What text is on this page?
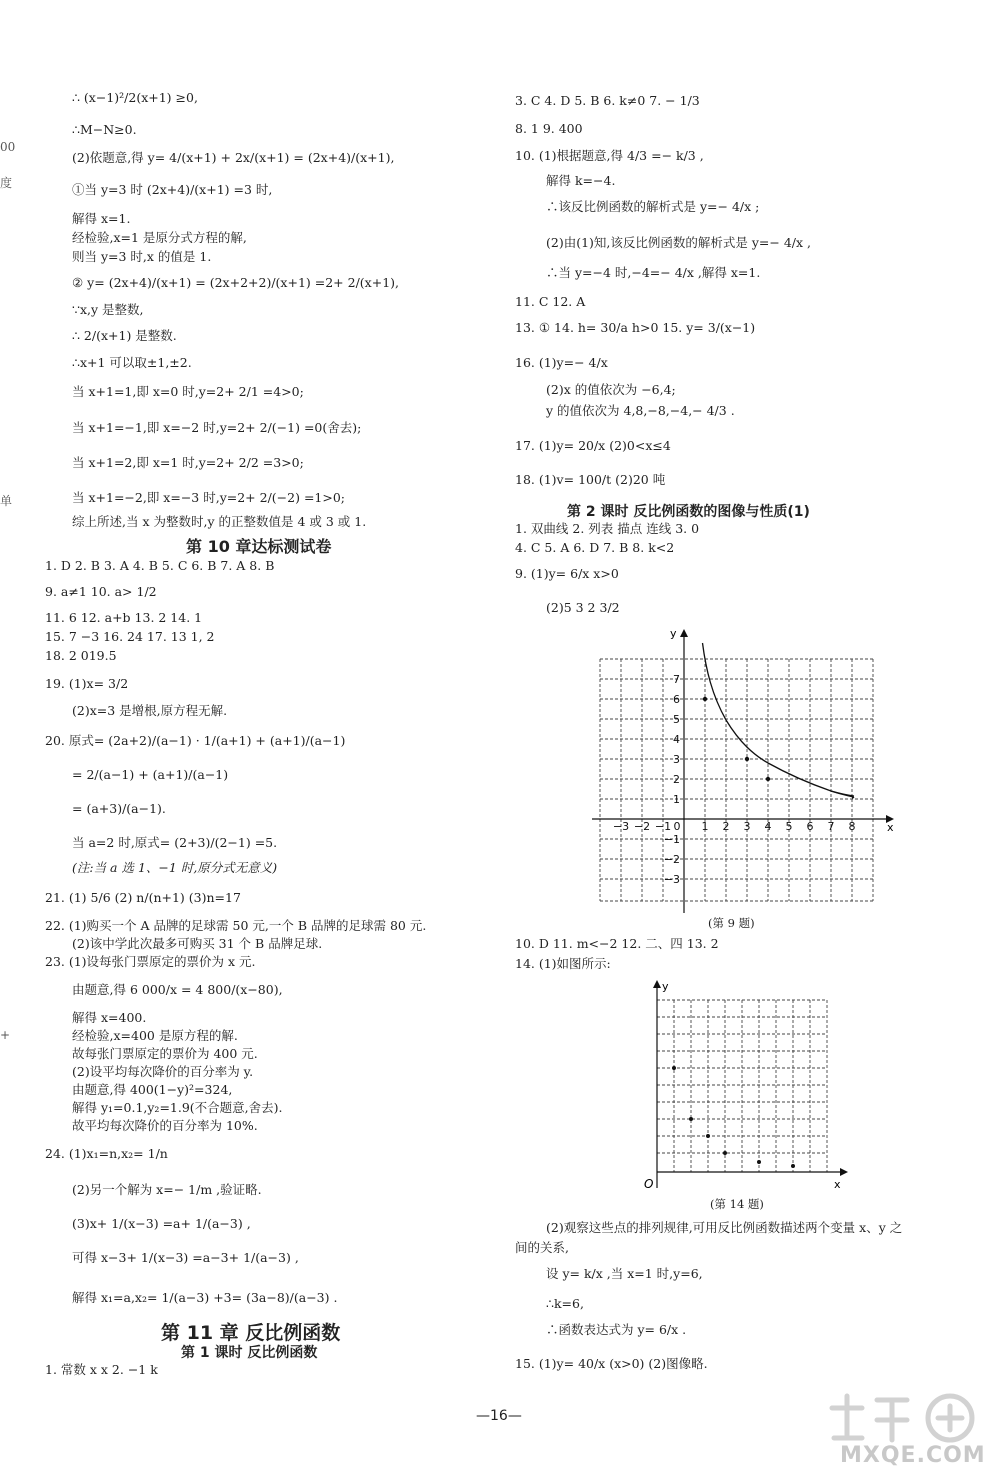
00
度
单
+
∴ (x−1)²/2(x+1) ≥0,
∴M−N≥0.
(2)依题意,得 y= 4/(x+1) + 2x/(x+1) = (2x+4)/(x+1),
①当 y=3 时 (2x+4)/(x+1) =3 时,
解得 x=1.
经检验,x=1 是原分式方程的解,
则当 y=3 时,x 的值是 1.
② y= (2x+4)/(x+1) = (2x+2+2)/(x+1) =2+ 2/(x+1),
∵x,y 是整数,
∴ 2/(x+1) 是整数.
∴x+1 可以取±1,±2.
当 x+1=1,即 x=0 时,y=2+ 2/1 =4>0;
当 x+1=−1,即 x=−2 时,y=2+ 2/(−1) =0(舍去);
当 x+1=2,即 x=1 时,y=2+ 2/2 =3>0;
当 x+1=−2,即 x=−3 时,y=2+ 2/(−2) =1>0;
综上所述,当 x 为整数时,y 的正整数值是 4 或 3 或 1.
第 10 章达标测试卷
1. D 2. B 3. A 4. B 5. C 6. B 7. A 8. B
9. a≠1 10. a> 1/2
11. 6 12. a+b 13. 2 14. 1
15. 7 −3 16. 24 17. 13 1, 2
18. 2 019.5
19. (1)x= 3/2
(2)x=3 是增根,原方程无解.
20. 原式= (2a+2)/(a−1) · 1/(a+1) + (a+1)/(a−1)
= 2/(a−1) + (a+1)/(a−1)
= (a+3)/(a−1).
当 a=2 时,原式= (2+3)/(2−1) =5.
(注:当 a 选 1、−1 时,原分式无意义)
21. (1) 5/6 (2) n/(n+1) (3)n=17
22. (1)购买一个 A 品牌的足球需 50 元,一个 B 品牌的足球需 80 元.
(2)该中学此次最多可购买 31 个 B 品牌足球.
23. (1)设每张门票原定的票价为 x 元.
由题意,得 6 000/x = 4 800/(x−80),
解得 x=400.
经检验,x=400 是原方程的解.
故每张门票原定的票价为 400 元.
(2)设平均每次降价的百分率为 y.
由题意,得 400(1−y)²=324,
解得 y₁=0.1,y₂=1.9(不合题意,舍去).
故平均每次降价的百分率为 10%.
24. (1)x₁=n,x₂= 1/n
(2)另一个解为 x=− 1/m ,验证略.
(3)x+ 1/(x−3) =a+ 1/(a−3) ,
可得 x−3+ 1/(x−3) =a−3+ 1/(a−3) ,
解得 x₁=a,x₂= 1/(a−3) +3= (3a−8)/(a−3) .
第 11 章 反比例函数
第 1 课时 反比例函数
1. 常数 x x 2. −1 k
3. C 4. D 5. B 6. k≠0 7. − 1/3
8. 1 9. 400
10. (1)根据题意,得 4/3 =− k/3 ,
解得 k=−4.
∴该反比例函数的解析式是 y=− 4/x ;
(2)由(1)知,该反比例函数的解析式是 y=− 4/x ,
∴当 y=−4 时,−4=− 4/x ,解得 x=1.
11. C 12. A
13. ① 14. h= 30/a h>0 15. y= 3/(x−1)
16. (1)y=− 4/x
(2)x 的值依次为 −6,4;
y 的值依次为 4,8,−8,−4,− 4/3 .
17. (1)y= 20/x (2)0<x≤4
18. (1)v= 100/t (2)20 吨
第 2 课时 反比例函数的图像与性质(1)
1. 双曲线 2. 列表 描点 连线 3. 0
4. C 5. A 6. D 7. B 8. k<2
9. (1)y= 6/x x>0
(2)5 3 2 3/2
x
y
−3 −2 −1 0 1 2 3 4 5 6 7 8
7
6
5
4
3
2
1
−1
−2
−3
(第 9 题)
10. D 11. m<−2 12. 二、四 13. 2
14. (1)如图所示:
x
y
O
(第 14 题)
(2)观察这些点的排列规律,可用反比例函数描述两个变量 x、y 之
间的关系,
设 y= k/x ,当 x=1 时,y=6,
∴k=6,
∴函数表达式为 y= 6/x .
15. (1)y= 40/x (x>0) (2)图像略.
—16—
MXQE.COM
